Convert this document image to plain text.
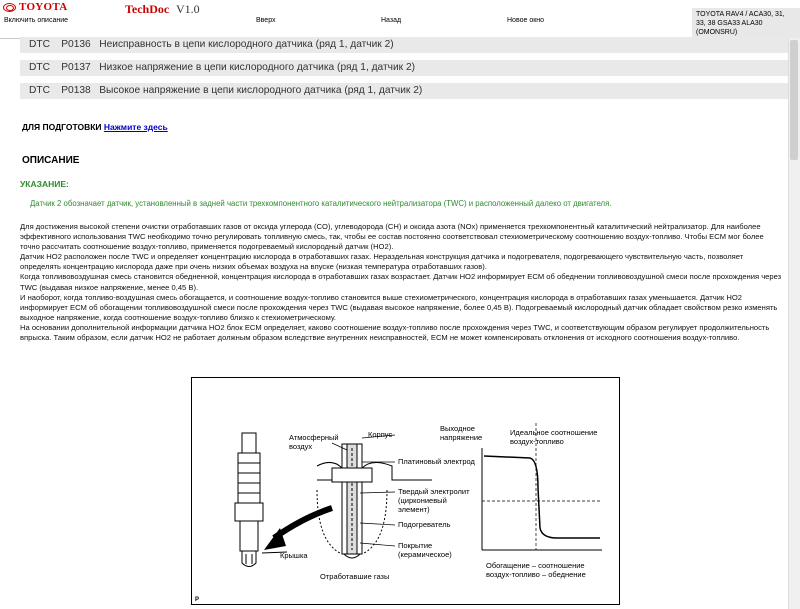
TOYOTA	TechDoc V1.0
Включить описание	Вверх	Назад	Новое окно
TOYOTA RAV4 / ACA30, 31,
33, 38 GSA33 ALA30
(OMONSRU)
DTC P0136 Неисправность в цепи кислородного датчика (ряд 1, датчик 2)
DTC P0137 Низкое напряжение в цепи кислородного датчика (ряд 1, датчик 2)
DTC P0138 Высокое напряжение в цепи кислородного датчика (ряд 1, датчик 2)
ДЛЯ ПОДГОТОВКИ Нажмите здесь
ОПИСАНИЕ
УКАЗАНИЕ:
Датчик 2 обозначает датчик, установленный в задней части трехкомпонентного каталитического нейтрализатора (TWC) и расположенный далеко от двигателя.

Для достижения высокой степени очистки отработавших газов от оксида углерода (CO), углеводорода (CH) и оксида азота (NOx) применяется трехкомпонентный каталитический нейтрализатор. Для наиболее эффективного использования TWC необходимо точно регулировать топливную смесь, так, чтобы ее состав постоянно соответствовал стехиометрическому соотношению воздух-топливо. Чтобы ECM мог более точно рассчитать соотношение воздух-топливо, применяется подогреваемый кислородный датчик (HO2).

Датчик HO2 расположен после TWC и определяет концентрацию кислорода в отработавших газах. Нераздельная конструкция датчика и подогревателя, подогревающего чувствительную часть, позволяет определять концентрацию кислорода даже при очень низких объемах воздуха на впуске (низкая температура отработавших газов).

Когда топливовоздушная смесь становится обедненной, концентрация кислорода в отработавших газах возрастает. Датчик HO2 информирует ECM об обеднении топливовоздушной смеси после прохождения через TWC (выдавая низкое напряжение, менее 0,45 В).

И наоборот, когда топливо-воздушная смесь обогащается, и соотношение воздух-топливо становится выше стехиометрического, концентрация кислорода в отработавших газах уменьшается. Датчик HO2 информирует ECM об обогащении топливовоздушной смеси после прохождения через TWC (выдавая высокое напряжение, более 0,45 В). Подогреваемый кислородный датчик обладает свойством резко изменять выходное напряжение, когда соотношение воздух-топливо близко к стехиометрическому.

На основании дополнительной информации датчика HO2 блок ECM определяет, каково соотношение воздух-топливо после прохождения через TWC, и соответствующим образом регулирует продолжительность впрыска. Таким образом, если датчик HO2 не работает должным образом вследствие внутренних неисправностей, ECM не может компенсировать отклонения от исходного соотношения воздух-топливо.

Атмосферный
воздух
Корпус
Платиновый электрод
Твердый электролит
(циркониевый
элемент)
Подогреватель
Покрытие
(керамическое)
Крышка
Отработавшие газы
Выходное
напряжение
Идеальное соотношение
воздух-топливо
Обогащение – соотношение
воздух-топливо – обеднение
P
